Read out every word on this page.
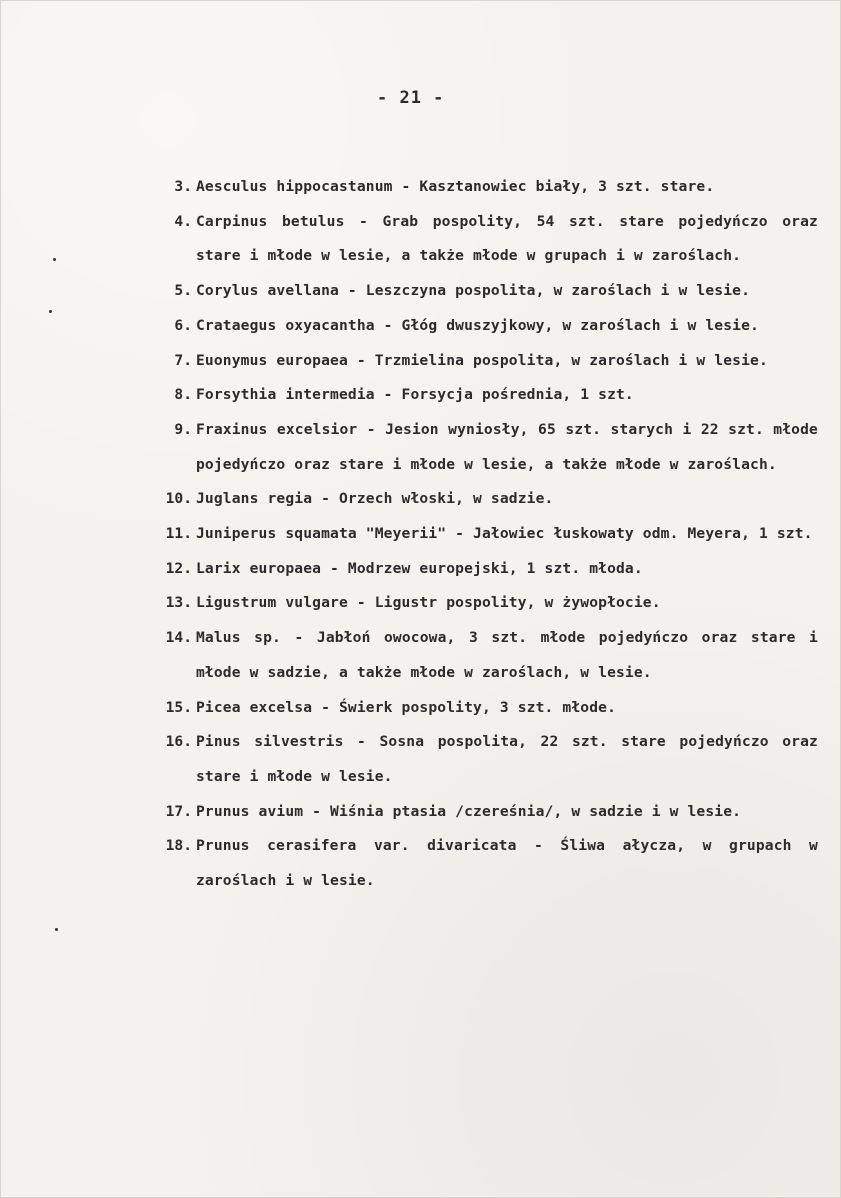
- 21 -
3. Aesculus hippocastanum - Kasztanowiec biały, 3 szt. stare.
4. Carpinus betulus - Grab pospolity, 54 szt. stare pojedyńczo oraz stare i młode w lesie, a także młode w grupach i w zaroślach.
5. Corylus avellana - Leszczyna pospolita, w zaroślach i w lesie.
6. Crataegus oxyacantha - Głóg dwuszyjkowy, w zaroślach i w lesie.
7. Euonymus europaea - Trzmielina pospolita, w zaroślach i w lesie.
8. Forsythia intermedia - Forsycja pośrednia, 1 szt.
9. Fraxinus excelsior - Jesion wyniosły, 65 szt. starych i 22 szt. młode pojedyńczo oraz stare i młode w lesie, a także młode w zaroślach.
10. Juglans regia - Orzech włoski, w sadzie.
11. Juniperus squamata "Meyerii" - Jałowiec łuskowaty odm. Meyera, 1 szt.
12. Larix europaea - Modrzew europejski, 1 szt. młoda.
13. Ligustrum vulgare - Ligustr pospolity, w żywopłocie.
14. Malus sp. - Jabłoń owocowa, 3 szt. młode pojedyńczo oraz stare i młode w sadzie, a także młode w zaroślach, w lesie.
15. Picea excelsa - Świerk pospolity, 3 szt. młode.
16. Pinus silvestris - Sosna pospolita, 22 szt. stare pojedyńczo oraz stare i młode w lesie.
17. Prunus avium - Wiśnia ptasia /czereśnia/, w sadzie i w lesie.
18. Prunus cerasifera var. divaricata - Śliwa ałycza, w grupach w zaroślach i w lesie.
